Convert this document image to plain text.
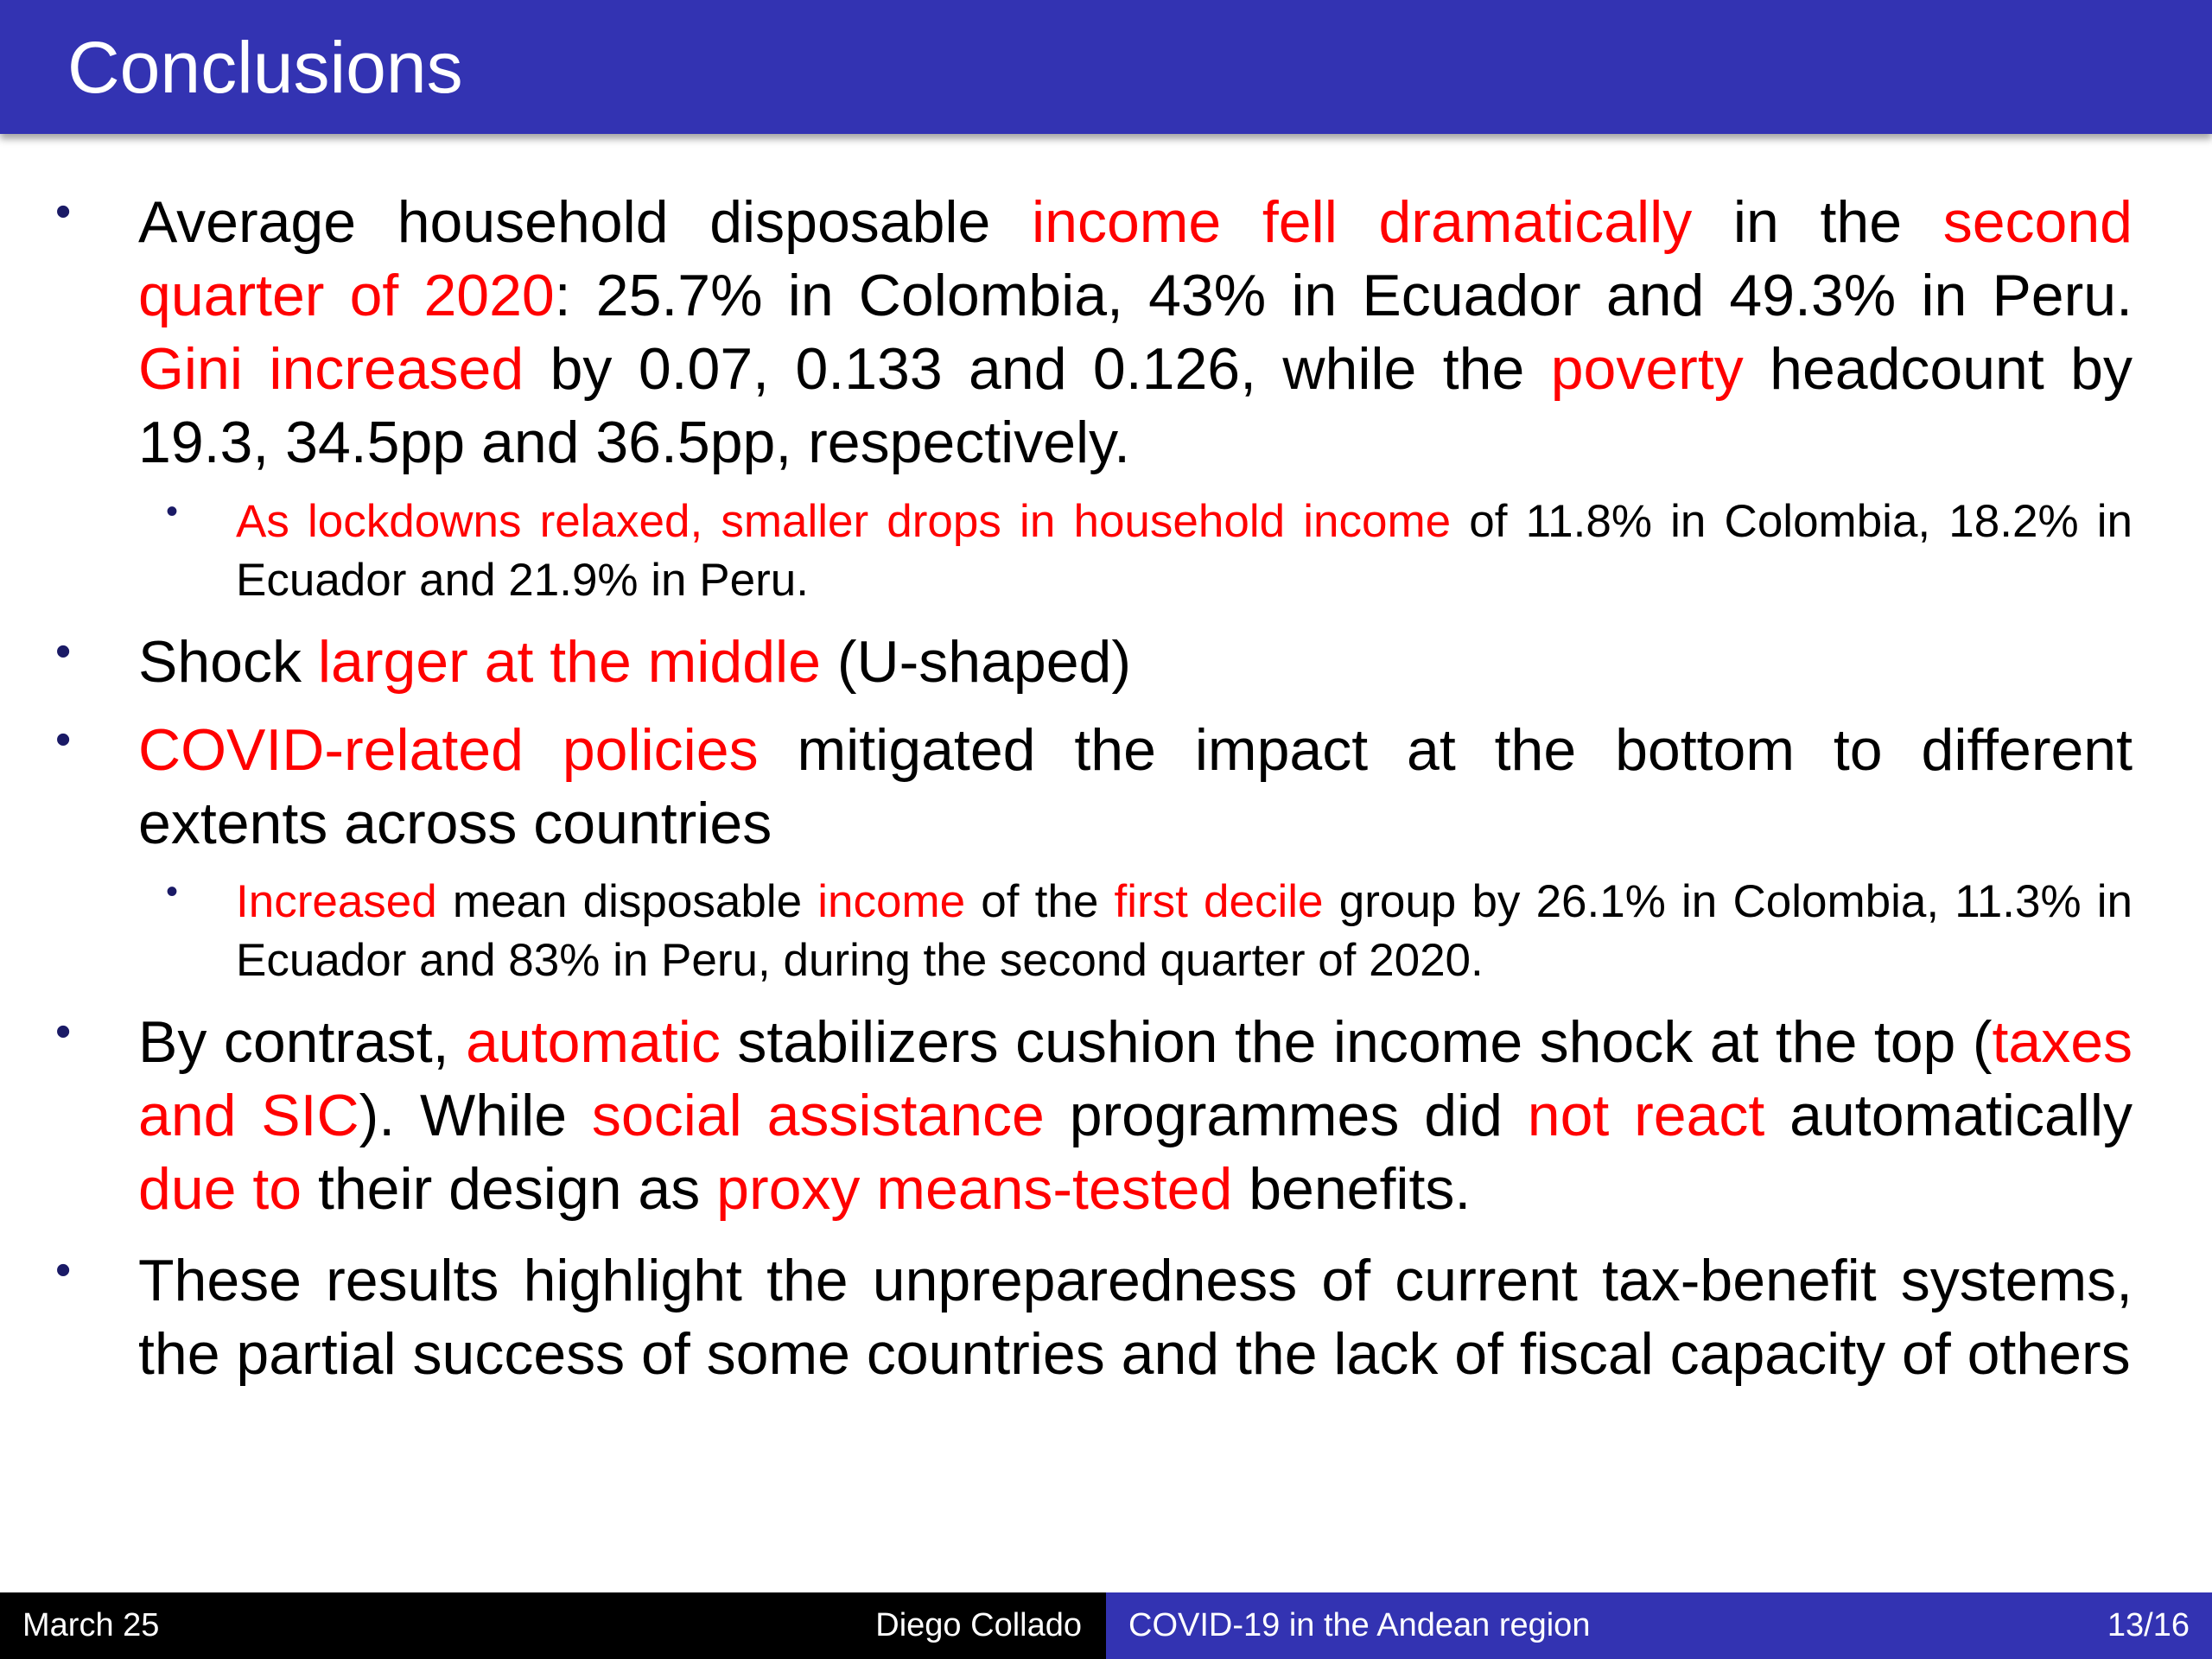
Conclusions
• Average household disposable income fell dramatically in the second quarter of 2020: 25.7% in Colombia, 43% in Ecuador and 49.3% in Peru. Gini increased by 0.07, 0.133 and 0.126, while the poverty headcount by 19.3, 34.5pp and 36.5pp, respectively.
• As lockdowns relaxed, smaller drops in household income of 11.8% in Colombia, 18.2% in Ecuador and 21.9% in Peru.
• Shock larger at the middle (U-shaped)
• COVID-related policies mitigated the impact at the bottom to different extents across countries
• Increased mean disposable income of the first decile group by 26.1% in Colombia, 11.3% in Ecuador and 83% in Peru, during the second quarter of 2020.
• By contrast, automatic stabilizers cushion the income shock at the top (taxes and SIC). While social assistance programmes did not react automatically due to their design as proxy means-tested benefits.
• These results highlight the unpreparedness of current tax-benefit systems, the partial success of some countries and the lack of fiscal capacity of others
March 25	Diego Collado COVID-19 in the Andean region	13/16
